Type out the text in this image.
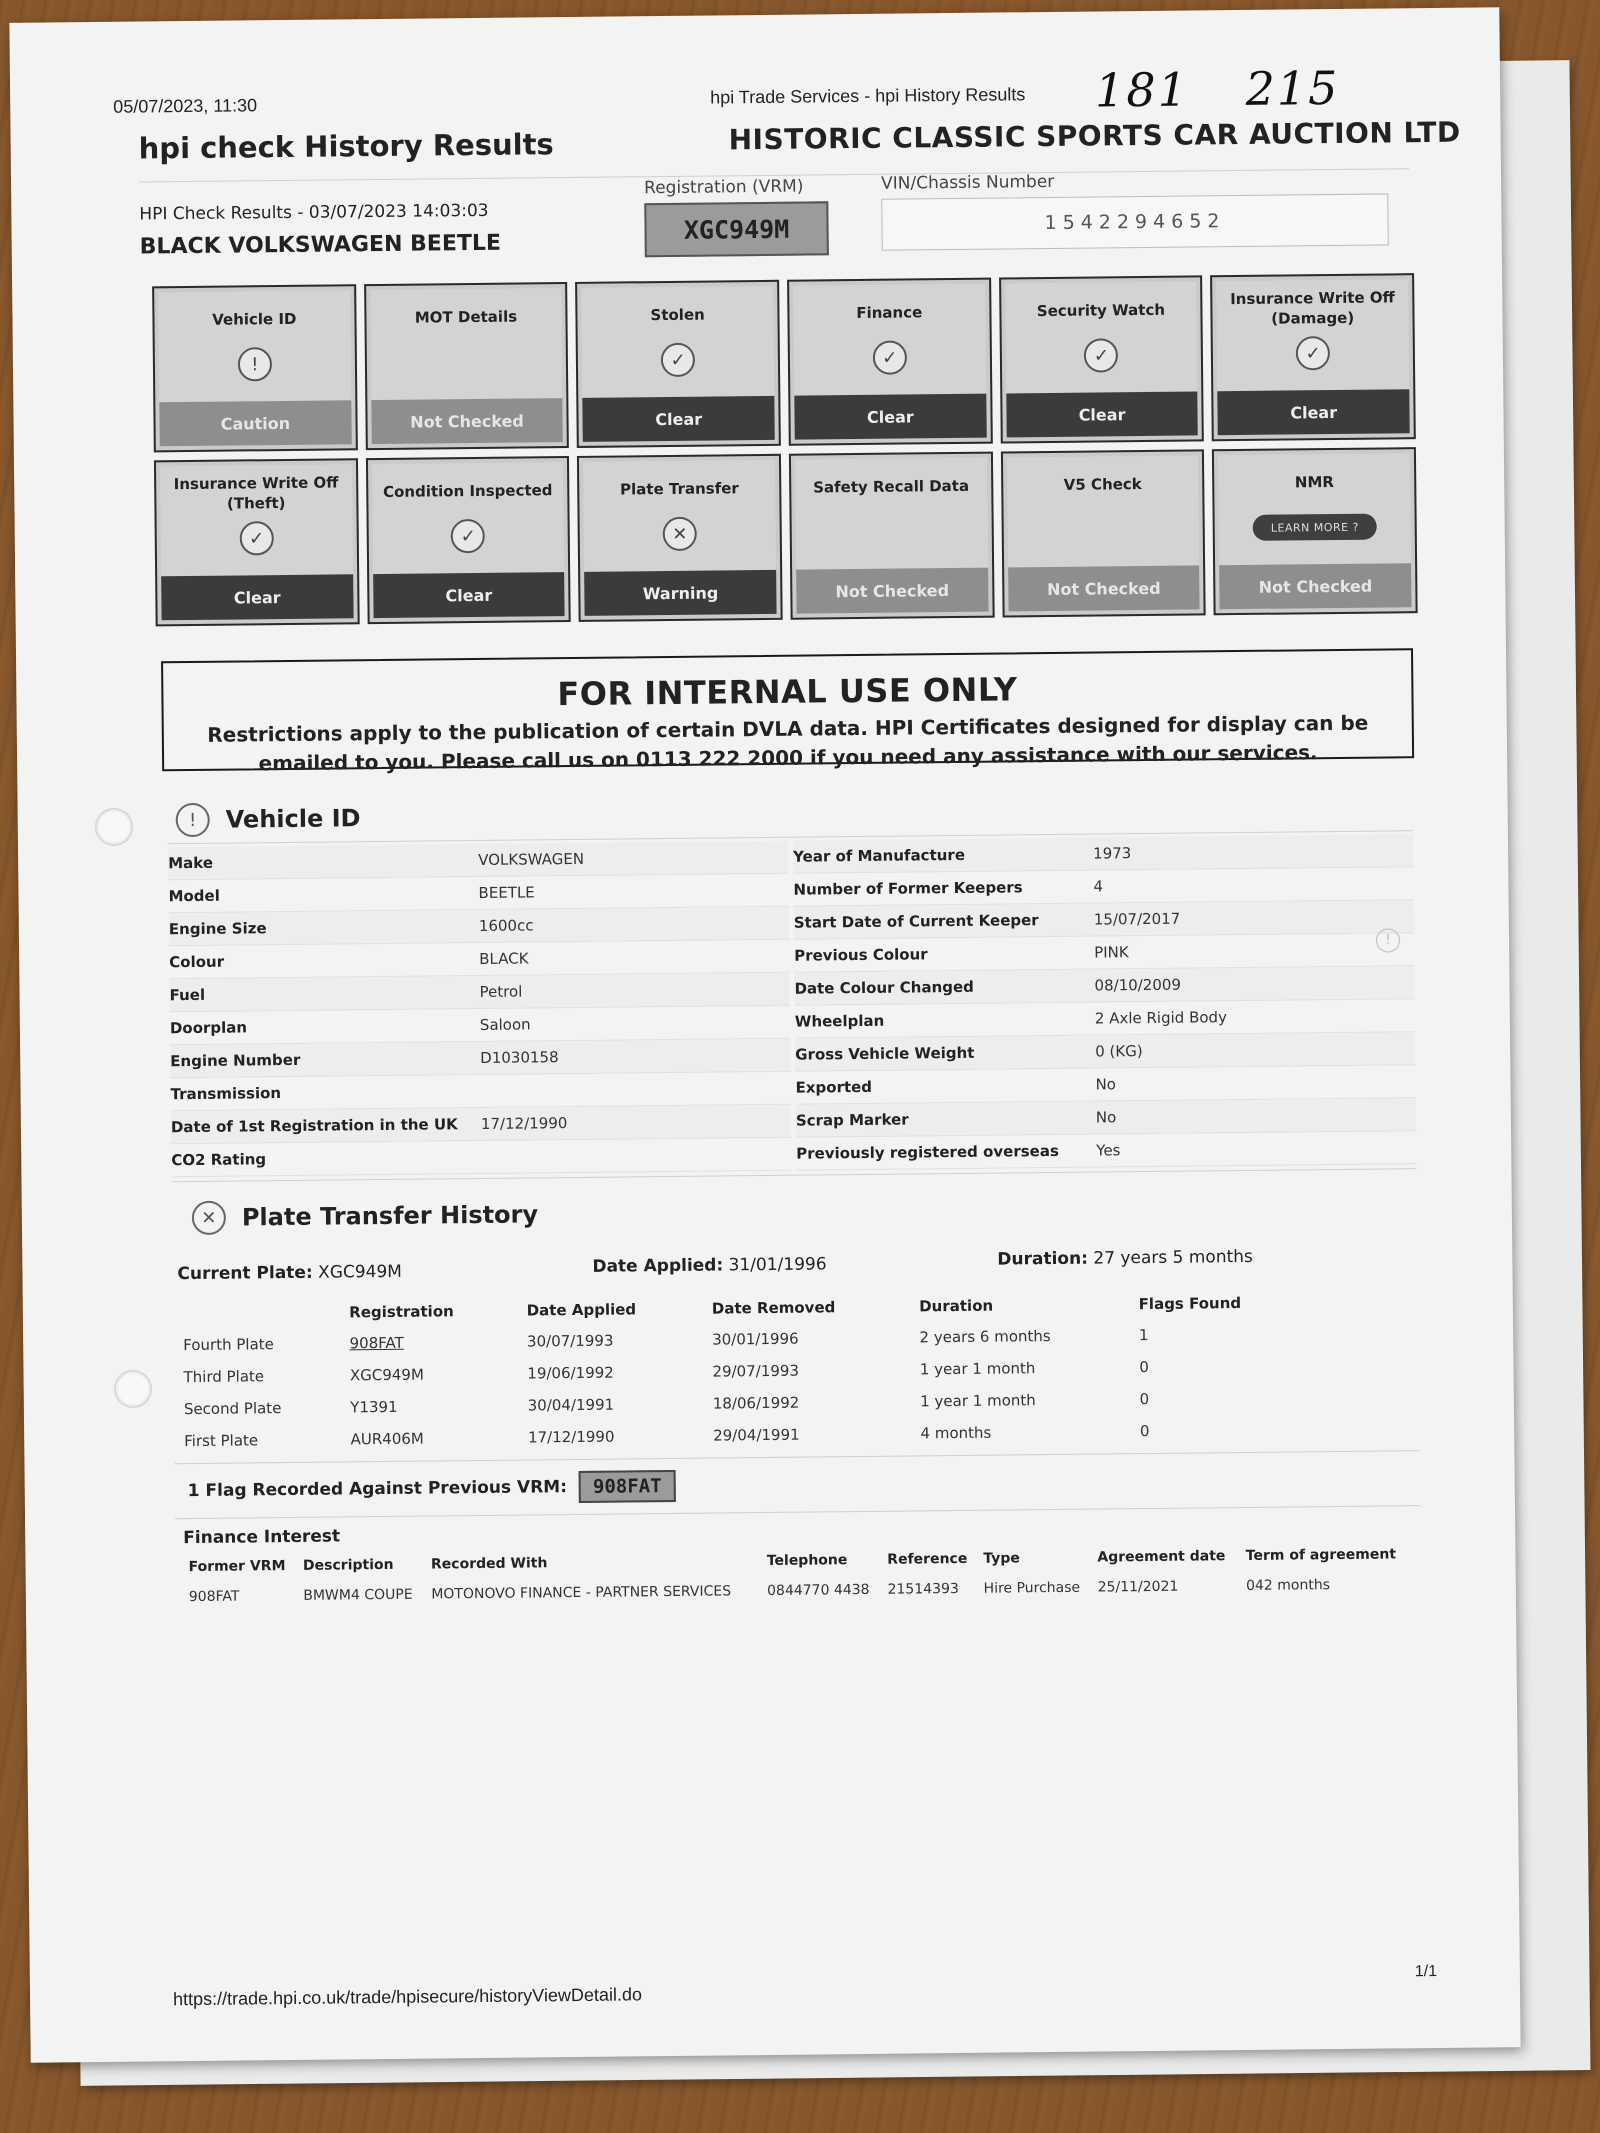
05/07/2023, 11:30	hpi Trade Services - hpi History Results 181 215
hpi check History Results	HISTORIC CLASSIC SPORTS CAR AUCTION LTD
HPI Check Results - 03/07/2023 14:03:03
BLACK VOLKSWAGEN BEETLE
Registration (VRM)
XGC949M
VIN/Chassis Number
1542294652
Vehicle ID
!
Caution
MOT Details
Not Checked
Stolen
✓
Clear
Finance
✓
Clear
Security Watch
✓
Clear
Insurance Write Off (Damage)
✓
Clear
Insurance Write Off (Theft)
✓
Clear
Condition Inspected
✓
Clear
Plate Transfer
✕
Warning
Safety Recall Data
Not Checked
V5 Check
Not Checked
NMR
LEARN MORE ?
Not Checked
FOR INTERNAL USE ONLY
Restrictions apply to the publication of certain DVLA data. HPI Certificates designed for display can be emailed to you. Please call us on 0113 222 2000 if you need any assistance with our services.
!	Vehicle ID
Make	VOLKSWAGEN
Model	BEETLE
Engine Size	1600cc
Colour	BLACK
Fuel	Petrol
Doorplan	Saloon
Engine Number	D1030158
Transmission
Date of 1st Registration in the UK	17/12/1990
CO2 Rating
Year of Manufacture	1973
Number of Former Keepers	4
Start Date of Current Keeper	15/07/2017
Previous Colour	PINK
Date Colour Changed	08/10/2009
Wheelplan	2 Axle Rigid Body
Gross Vehicle Weight	0 (KG)
Exported	No
Scrap Marker	No
Previously registered overseas	Yes
!
✕	Plate Transfer History
Current Plate: XGC949M	Date Applied: 31/01/1996	Duration: 27 years 5 months
	Registration	Date Applied	Date Removed	Duration	Flags Found
Fourth Plate	908FAT	30/07/1993	30/01/1996	2 years 6 months	1
Third Plate	XGC949M	19/06/1992	29/07/1993	1 year 1 month	0
Second Plate	Y1391	30/04/1991	18/06/1992	1 year 1 month	0
First Plate	AUR406M	17/12/1990	29/04/1991	4 months	0
1 Flag Recorded Against Previous VRM:	908FAT
Finance Interest
Former VRM	Description	Recorded With	Telephone	Reference	Type	Agreement date	Term of agreement
908FAT	BMWM4 COUPE	MOTONOVO FINANCE - PARTNER SERVICES	0844770 4438	21514393	Hire Purchase	25/11/2021	042 months
https://trade.hpi.co.uk/trade/hpisecure/historyViewDetail.do
1/1
